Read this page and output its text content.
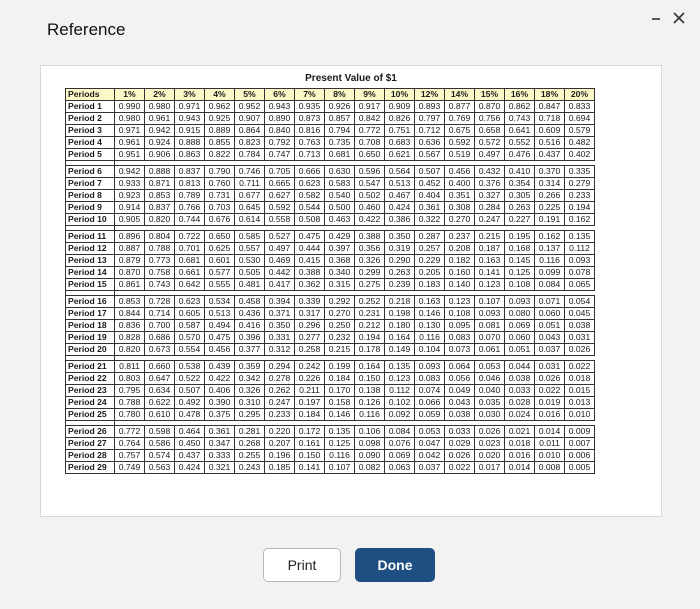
Reference
Present Value of $1
Periods	1%	2%	3%	4%	5%	6%	7%	8%	9%	10%	12%	14%	15%	16%	18%	20%
Period 1	0.990	0.980	0.971	0.962	0.952	0.943	0.935	0.926	0.917	0.909	0.893	0.877	0.870	0.862	0.847	0.833
Period 2	0.980	0.961	0.943	0.925	0.907	0.890	0.873	0.857	0.842	0.826	0.797	0.769	0.756	0.743	0.718	0.694
Period 3	0.971	0.942	0.915	0.889	0.864	0.840	0.816	0.794	0.772	0.751	0.712	0.675	0.658	0.641	0.609	0.579
Period 4	0.961	0.924	0.888	0.855	0.823	0.792	0.763	0.735	0.708	0.683	0.636	0.592	0.572	0.552	0.516	0.482
Period 5	0.951	0.906	0.863	0.822	0.784	0.747	0.713	0.681	0.650	0.621	0.567	0.519	0.497	0.476	0.437	0.402

Period 6	0.942	0.888	0.837	0.790	0.746	0.705	0.666	0.630	0.596	0.564	0.507	0.456	0.432	0.410	0.370	0.335
Period 7	0.933	0.871	0.813	0.760	0.711	0.665	0.623	0.583	0.547	0.513	0.452	0.400	0.376	0.354	0.314	0.279
Period 8	0.923	0.853	0.789	0.731	0.677	0.627	0.582	0.540	0.502	0.467	0.404	0.351	0.327	0.305	0.266	0.233
Period 9	0.914	0.837	0.766	0.703	0.645	0.592	0.544	0.500	0.460	0.424	0.361	0.308	0.284	0.263	0.225	0.194
Period 10	0.905	0.820	0.744	0.676	0.614	0.558	0.508	0.463	0.422	0.386	0.322	0.270	0.247	0.227	0.191	0.162

Period 11	0.896	0.804	0.722	0.650	0.585	0.527	0.475	0.429	0.388	0.350	0.287	0.237	0.215	0.195	0.162	0.135
Period 12	0.887	0.788	0.701	0.625	0.557	0.497	0.444	0.397	0.356	0.319	0.257	0.208	0.187	0.168	0.137	0.112
Period 13	0.879	0.773	0.681	0.601	0.530	0.469	0.415	0.368	0.326	0.290	0.229	0.182	0.163	0.145	0.116	0.093
Period 14	0.870	0.758	0.661	0.577	0.505	0.442	0.388	0.340	0.299	0.263	0.205	0.160	0.141	0.125	0.099	0.078
Period 15	0.861	0.743	0.642	0.555	0.481	0.417	0.362	0.315	0.275	0.239	0.183	0.140	0.123	0.108	0.084	0.065

Period 16	0.853	0.728	0.623	0.534	0.458	0.394	0.339	0.292	0.252	0.218	0.163	0.123	0.107	0.093	0.071	0.054
Period 17	0.844	0.714	0.605	0.513	0.436	0.371	0.317	0.270	0.231	0.198	0.146	0.108	0.093	0.080	0.060	0.045
Period 18	0.836	0.700	0.587	0.494	0.416	0.350	0.296	0.250	0.212	0.180	0.130	0.095	0.081	0.069	0.051	0.038
Period 19	0.828	0.686	0.570	0.475	0.396	0.331	0.277	0.232	0.194	0.164	0.116	0.083	0.070	0.060	0.043	0.031
Period 20	0.820	0.673	0.554	0.456	0.377	0.312	0.258	0.215	0.178	0.149	0.104	0.073	0.061	0.051	0.037	0.026

Period 21	0.811	0.660	0.538	0.439	0.359	0.294	0.242	0.199	0.164	0.135	0.093	0.064	0.053	0.044	0.031	0.022
Period 22	0.803	0.647	0.522	0.422	0.342	0.278	0.226	0.184	0.150	0.123	0.083	0.056	0.046	0.038	0.026	0.018
Period 23	0.795	0.634	0.507	0.406	0.326	0.262	0.211	0.170	0.138	0.112	0.074	0.049	0.040	0.033	0.022	0.015
Period 24	0.788	0.622	0.492	0.390	0.310	0.247	0.197	0.158	0.126	0.102	0.066	0.043	0.035	0.028	0.019	0.013
Period 25	0.780	0.610	0.478	0.375	0.295	0.233	0.184	0.146	0.116	0.092	0.059	0.038	0.030	0.024	0.016	0.010

Period 26	0.772	0.598	0.464	0.361	0.281	0.220	0.172	0.135	0.106	0.084	0.053	0.033	0.026	0.021	0.014	0.009
Period 27	0.764	0.586	0.450	0.347	0.268	0.207	0.161	0.125	0.098	0.076	0.047	0.029	0.023	0.018	0.011	0.007
Period 28	0.757	0.574	0.437	0.333	0.255	0.196	0.150	0.116	0.090	0.069	0.042	0.026	0.020	0.016	0.010	0.006
Period 29	0.749	0.563	0.424	0.321	0.243	0.185	0.141	0.107	0.082	0.063	0.037	0.022	0.017	0.014	0.008	0.005
Print	Done
